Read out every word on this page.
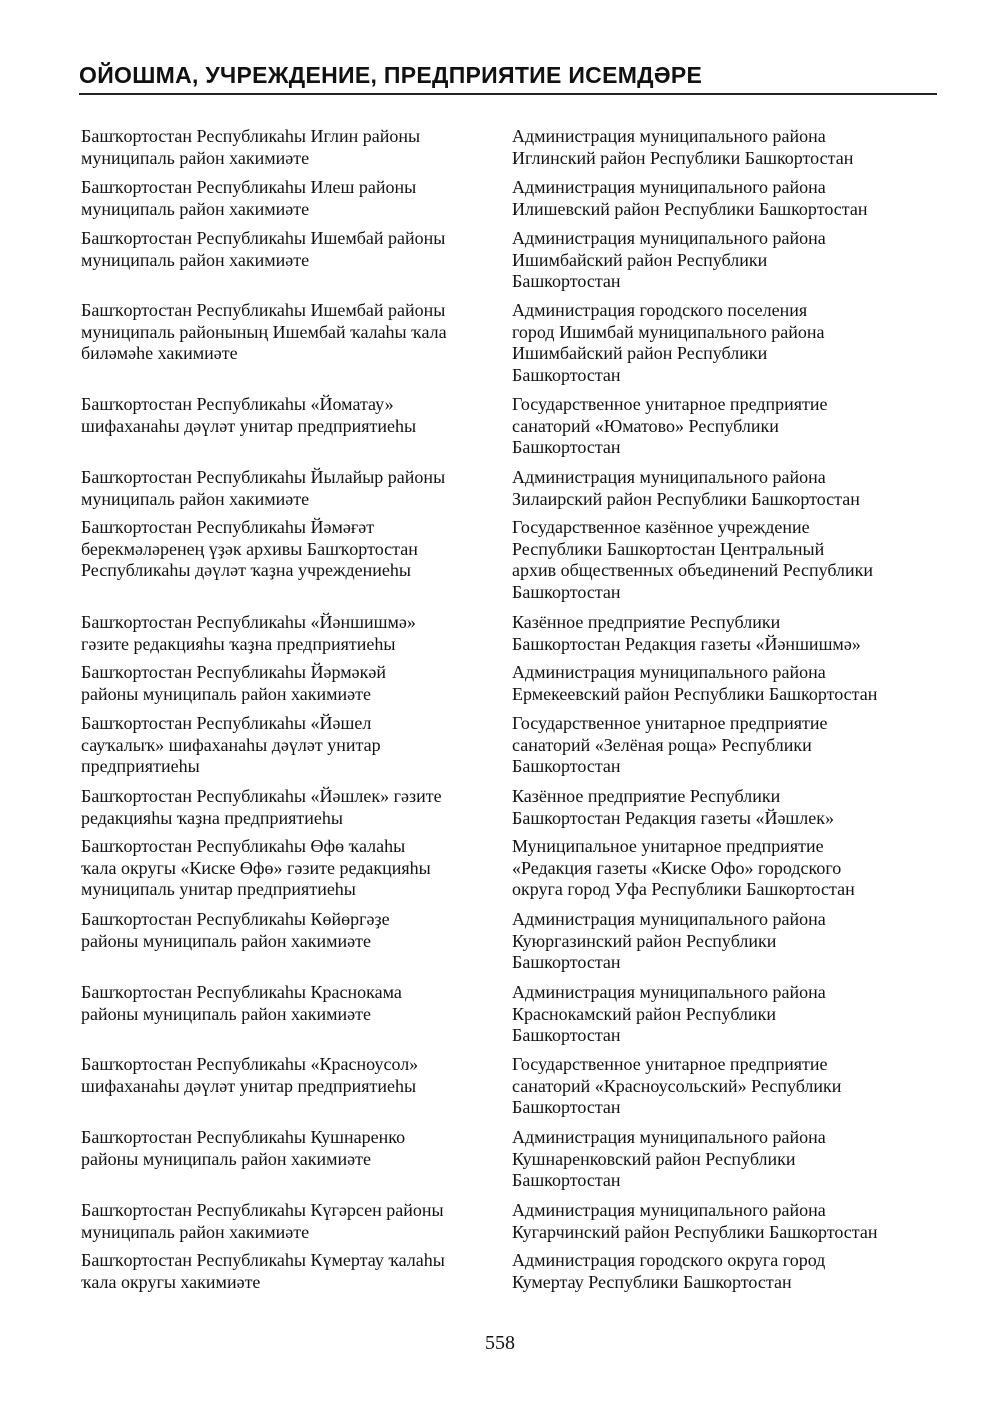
ОЙОШМА, УЧРЕЖДЕНИЕ, ПРЕДПРИЯТИЕ ИСЕМДӘРЕ
Башҡортостан Республикаһы Иглин районы
муниципаль район хакимиәте
Администрация муниципального района
Иглинский район Республики Башкортостан
Башҡортостан Республикаһы Илеш районы
муниципаль район хакимиәте
Администрация муниципального района
Илишевский район Республики Башкортостан
Башҡортостан Республикаһы Ишембай районы
муниципаль район хакимиәте
Администрация муниципального района
Ишимбайский район Республики
Башкортостан
Башҡортостан Республикаһы Ишембай районы
муниципаль районының Ишембай ҡалаһы ҡала
биләмәһе хакимиәте
Администрация городского поселения
город Ишимбай муниципального района
Ишимбайский район Республики
Башкортостан
Башҡортостан Республикаһы «Йоматау»
шифаханаһы дәүләт унитар предприятиеһы
Государственное унитарное предприятие
санаторий «Юматово» Республики
Башкортостан
Башҡортостан Республикаһы Йылайыр районы
муниципаль район хакимиәте
Администрация муниципального района
Зилаирский район Республики Башкортостан
Башҡортостан Республикаһы Йәмәғәт
берекмәләренең үҙәк архивы Башҡортостан
Республикаһы дәүләт ҡаҙна учреждениеһы
Государственное казённое учреждение
Республики Башкортостан Центральный
архив общественных объединений Республики
Башкортостан
Башҡортостан Республикаһы «Йәншишмә»
гәзите редакцияһы ҡаҙна предприятиеһы
Казённое предприятие Республики
Башкортостан Редакция газеты «Йәншишмә»
Башҡортостан Республикаһы Йәрмәкәй
районы муниципаль район хакимиәте
Администрация муниципального района
Ермекеевский район Республики Башкортостан
Башҡортостан Республикаһы «Йәшел
сауҡалыҡ» шифаханаһы дәүләт унитар
предприятиеһы
Государственное унитарное предприятие
санаторий «Зелёная роща» Республики
Башкортостан
Башҡортостан Республикаһы «Йәшлек» гәзите
редакцияһы ҡаҙна предприятиеһы
Казённое предприятие Республики
Башкортостан Редакция газеты «Йәшлек»
Башҡортостан Республикаһы Өфө ҡалаһы
ҡала округы «Киске Өфө» гәзите редакцияһы
муниципаль унитар предприятиеһы
Муниципальное унитарное предприятие
«Редакция газеты «Киске Офо» городского
округа город Уфа Республики Башкортостан
Башҡортостан Республикаһы Көйөргәҙе
районы муниципаль район хакимиәте
Администрация муниципального района
Куюргазинский район Республики
Башкортостан
Башҡортостан Республикаһы Краснокама
районы муниципаль район хакимиәте
Администрация муниципального района
Краснокамский район Республики
Башкортостан
Башҡортостан Республикаһы «Красноусол»
шифаханаһы дәүләт унитар предприятиеһы
Государственное унитарное предприятие
санаторий «Красноусольский» Республики
Башкортостан
Башҡортостан Республикаһы Кушнаренко
районы муниципаль район хакимиәте
Администрация муниципального района
Кушнаренковский район Республики
Башкортостан
Башҡортостан Республикаһы Күгәрсен районы
муниципаль район хакимиәте
Администрация муниципального района
Кугарчинский район Республики Башкортостан
Башҡортостан Республикаһы Күмертау ҡалаһы
ҡала округы хакимиәте
Администрация городского округа город
Кумертау Республики Башкортостан
558
